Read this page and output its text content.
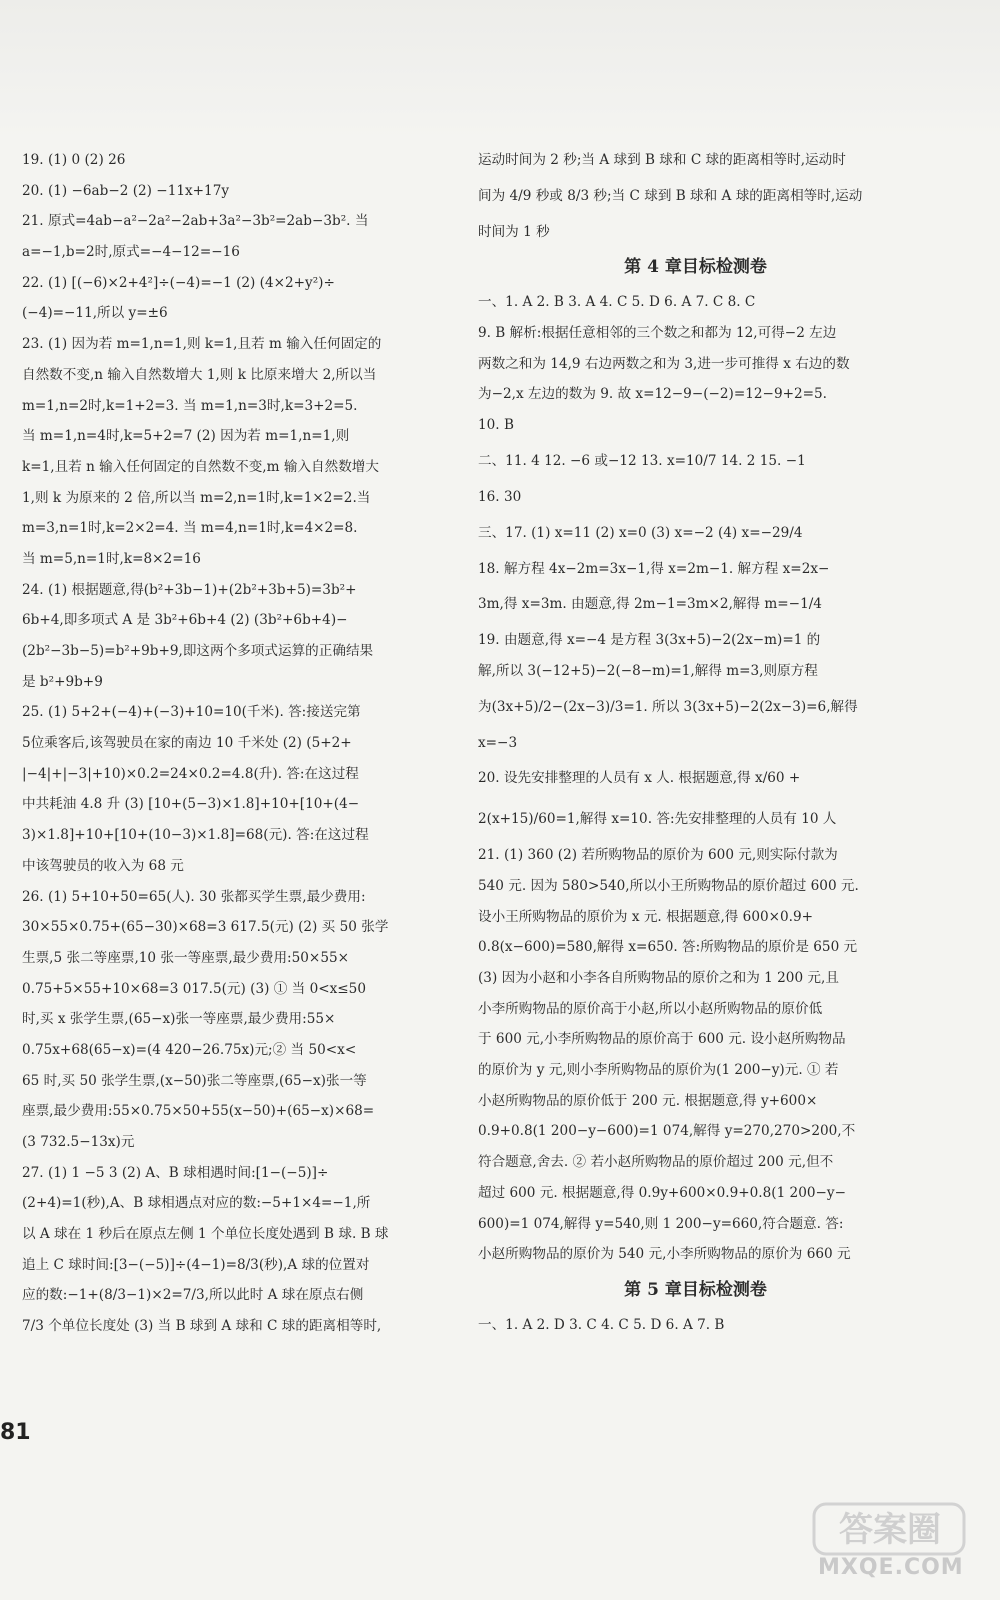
19. (1) 0 (2) 26
20. (1) −6ab−2 (2) −11x+17y
21. 原式=4ab−a²−2a²−2ab+3a²−3b²=2ab−3b². 当
a=−1,b=2时,原式=−4−12=−16
22. (1) [(−6)×2+4²]÷(−4)=−1 (2) (4×2+y²)÷
(−4)=−11,所以 y=±6
23. (1) 因为若 m=1,n=1,则 k=1,且若 m 输入任何固定的
自然数不变,n 输入自然数增大 1,则 k 比原来增大 2,所以当
m=1,n=2时,k=1+2=3. 当 m=1,n=3时,k=3+2=5.
当 m=1,n=4时,k=5+2=7 (2) 因为若 m=1,n=1,则
k=1,且若 n 输入任何固定的自然数不变,m 输入自然数增大
1,则 k 为原来的 2 倍,所以当 m=2,n=1时,k=1×2=2.当
m=3,n=1时,k=2×2=4. 当 m=4,n=1时,k=4×2=8.
当 m=5,n=1时,k=8×2=16
24. (1) 根据题意,得(b²+3b−1)+(2b²+3b+5)=3b²+
6b+4,即多项式 A 是 3b²+6b+4 (2) (3b²+6b+4)−
(2b²−3b−5)=b²+9b+9,即这两个多项式运算的正确结果
是 b²+9b+9
25. (1) 5+2+(−4)+(−3)+10=10(千米). 答:接送完第
5位乘客后,该驾驶员在家的南边 10 千米处 (2) (5+2+
|−4|+|−3|+10)×0.2=24×0.2=4.8(升). 答:在这过程
中共耗油 4.8 升 (3) [10+(5−3)×1.8]+10+[10+(4−
3)×1.8]+10+[10+(10−3)×1.8]=68(元). 答:在这过程
中该驾驶员的收入为 68 元
26. (1) 5+10+50=65(人). 30 张都买学生票,最少费用:
30×55×0.75+(65−30)×68=3 617.5(元) (2) 买 50 张学
生票,5 张二等座票,10 张一等座票,最少费用:50×55×
0.75+5×55+10×68=3 017.5(元) (3) ① 当 0<x≤50
时,买 x 张学生票,(65−x)张一等座票,最少费用:55×
0.75x+68(65−x)=(4 420−26.75x)元;② 当 50<x<
65 时,买 50 张学生票,(x−50)张二等座票,(65−x)张一等
座票,最少费用:55×0.75×50+55(x−50)+(65−x)×68=
(3 732.5−13x)元
27. (1) 1 −5 3 (2) A、B 球相遇时间:[1−(−5)]÷
(2+4)=1(秒),A、B 球相遇点对应的数:−5+1×4=−1,所
以 A 球在 1 秒后在原点左侧 1 个单位长度处遇到 B 球. B 球
追上 C 球时间:[3−(−5)]÷(4−1)=8/3(秒),A 球的位置对
应的数:−1+(8/3−1)×2=7/3,所以此时 A 球在原点右侧
7/3 个单位长度处 (3) 当 B 球到 A 球和 C 球的距离相等时,
运动时间为 2 秒;当 A 球到 B 球和 C 球的距离相等时,运动时
间为 4/9 秒或 8/3 秒;当 C 球到 B 球和 A 球的距离相等时,运动
时间为 1 秒
第 4 章目标检测卷
一、1. A 2. B 3. A 4. C 5. D 6. A 7. C 8. C
9. B 解析:根据任意相邻的三个数之和都为 12,可得−2 左边
两数之和为 14,9 右边两数之和为 3,进一步可推得 x 右边的数
为−2,x 左边的数为 9. 故 x=12−9−(−2)=12−9+2=5.
10. B
二、11. 4 12. −6 或−12 13. x=10/7 14. 2 15. −1
16. 30
三、17. (1) x=11 (2) x=0 (3) x=−2 (4) x=−29/4
18. 解方程 4x−2m=3x−1,得 x=2m−1. 解方程 x=2x−
3m,得 x=3m. 由题意,得 2m−1=3m×2,解得 m=−1/4
19. 由题意,得 x=−4 是方程 3(3x+5)−2(2x−m)=1 的
解,所以 3(−12+5)−2(−8−m)=1,解得 m=3,则原方程
为(3x+5)/2−(2x−3)/3=1. 所以 3(3x+5)−2(2x−3)=6,解得
x=−3
20. 设先安排整理的人员有 x 人. 根据题意,得 x/60 +
2(x+15)/60=1,解得 x=10. 答:先安排整理的人员有 10 人
21. (1) 360 (2) 若所购物品的原价为 600 元,则实际付款为
540 元. 因为 580>540,所以小王所购物品的原价超过 600 元.
设小王所购物品的原价为 x 元. 根据题意,得 600×0.9+
0.8(x−600)=580,解得 x=650. 答:所购物品的原价是 650 元
(3) 因为小赵和小李各自所购物品的原价之和为 1 200 元,且
小李所购物品的原价高于小赵,所以小赵所购物品的原价低
于 600 元,小李所购物品的原价高于 600 元. 设小赵所购物品
的原价为 y 元,则小李所购物品的原价为(1 200−y)元. ① 若
小赵所购物品的原价低于 200 元. 根据题意,得 y+600×
0.9+0.8(1 200−y−600)=1 074,解得 y=270,270>200,不
符合题意,舍去. ② 若小赵所购物品的原价超过 200 元,但不
超过 600 元. 根据题意,得 0.9y+600×0.9+0.8(1 200−y−
600)=1 074,解得 y=540,则 1 200−y=660,符合题意. 答:
小赵所购物品的原价为 540 元,小李所购物品的原价为 660 元
第 5 章目标检测卷
一、1. A 2. D 3. C 4. C 5. D 6. A 7. B
81
答案圈
MXQE.COM
